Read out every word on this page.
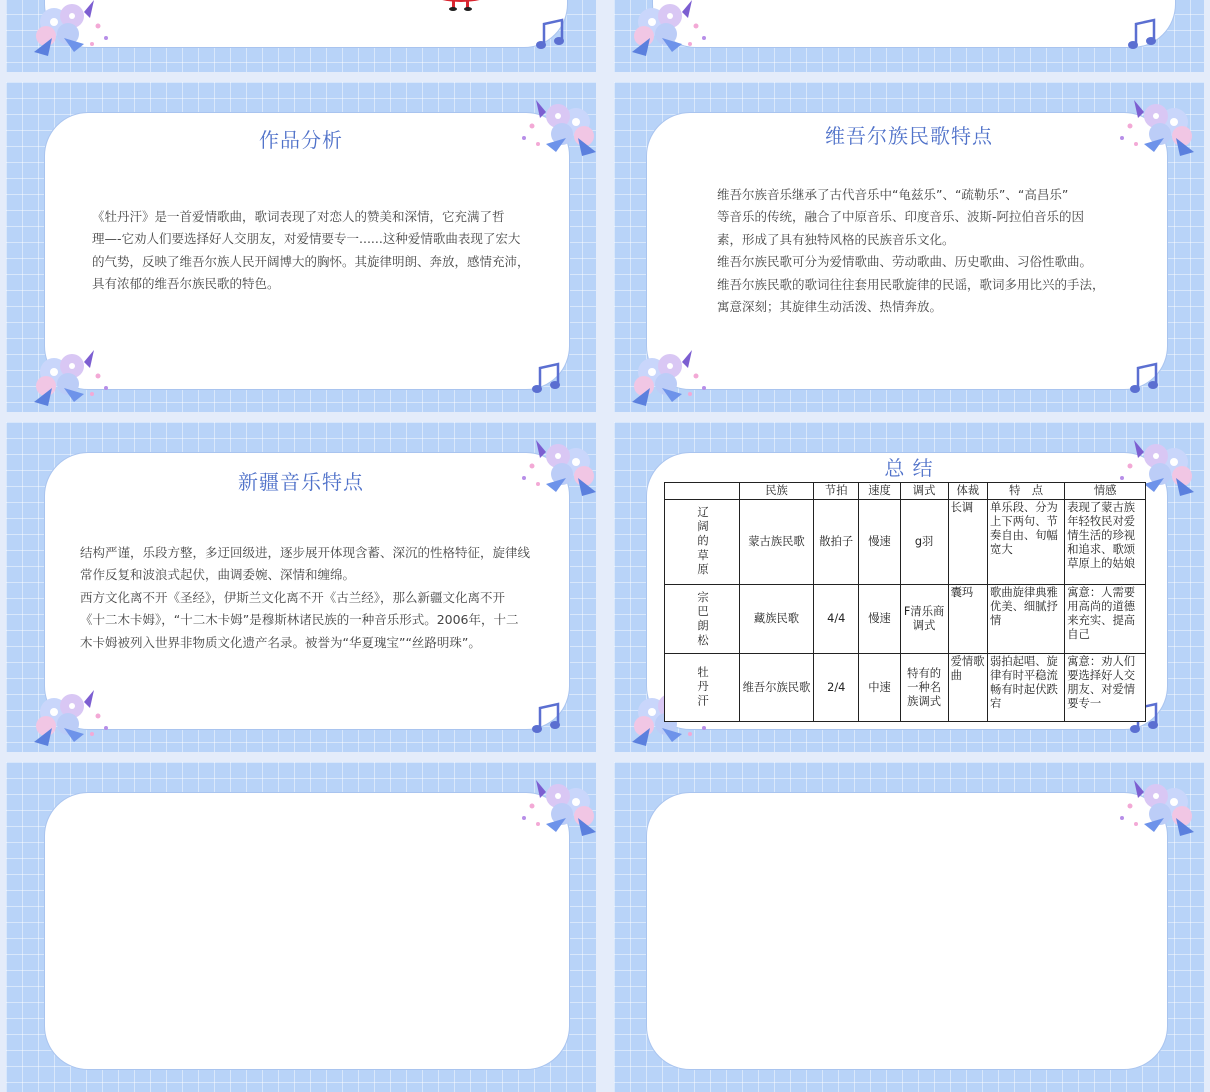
作品分析
《牡丹汗》是一首爱情歌曲，歌词表现了对恋人的赞美和深情，它充满了哲
理—-它劝人们要选择好人交朋友，对爱情要专一......这种爱情歌曲表现了宏大
的气势，反映了维吾尔族人民开阔博大的胸怀。其旋律明朗、奔放，感情充沛，
具有浓郁的维吾尔族民歌的特色。
维吾尔族民歌特点
维吾尔族音乐继承了古代音乐中“龟兹乐”、“疏勒乐”、“高昌乐”
等音乐的传统，融合了中原音乐、印度音乐、波斯-阿拉伯音乐的因
素，形成了具有独特风格的民族音乐文化。
维吾尔族民歌可分为爱情歌曲、劳动歌曲、历史歌曲、习俗性歌曲。
维吾尔族民歌的歌词往往套用民歌旋律的民谣，歌词多用比兴的手法，
寓意深刻；其旋律生动活泼、热情奔放。
新疆音乐特点
结构严谨，乐段方整，多迂回级进，逐步展开体现含蓄、深沉的性格特征，旋律线
常作反复和波浪式起伏，曲调委婉、深情和缠绵。
西方文化离不开《圣经》，伊斯兰文化离不开《古兰经》，那么新疆文化离不开
《十二木卡姆》，“十二木卡姆”是穆斯林诸民族的一种音乐形式。2006年，十二
木卡姆被列入世界非物质文化遗产名录。被誉为“华夏瑰宝”“丝路明珠”。
总 结
	民族	节拍	速度	调式	体裁	特　点	情感
辽阔的草原	蒙古族民歌	散拍子	慢速	g羽	长调	单乐段、分为上下两句、节奏自由、旬幅宽大	表现了蒙古族年轻牧民对爱情生活的珍视和追求、歌颂草原上的姑娘
宗巴朗松	藏族民歌	4/4	慢速	F清乐商调式	囊玛	歌曲旋律典雅优美、细腻抒情	寓意：人需要用高尚的道德来充实、提高自己
牡丹汗	维吾尔族民歌	2/4	中速	特有的一种名族调式	爱情歌曲	弱拍起唱、旋律有时平稳流畅有时起伏跌宕	寓意：劝人们要选择好人交朋友、对爱情要专一
